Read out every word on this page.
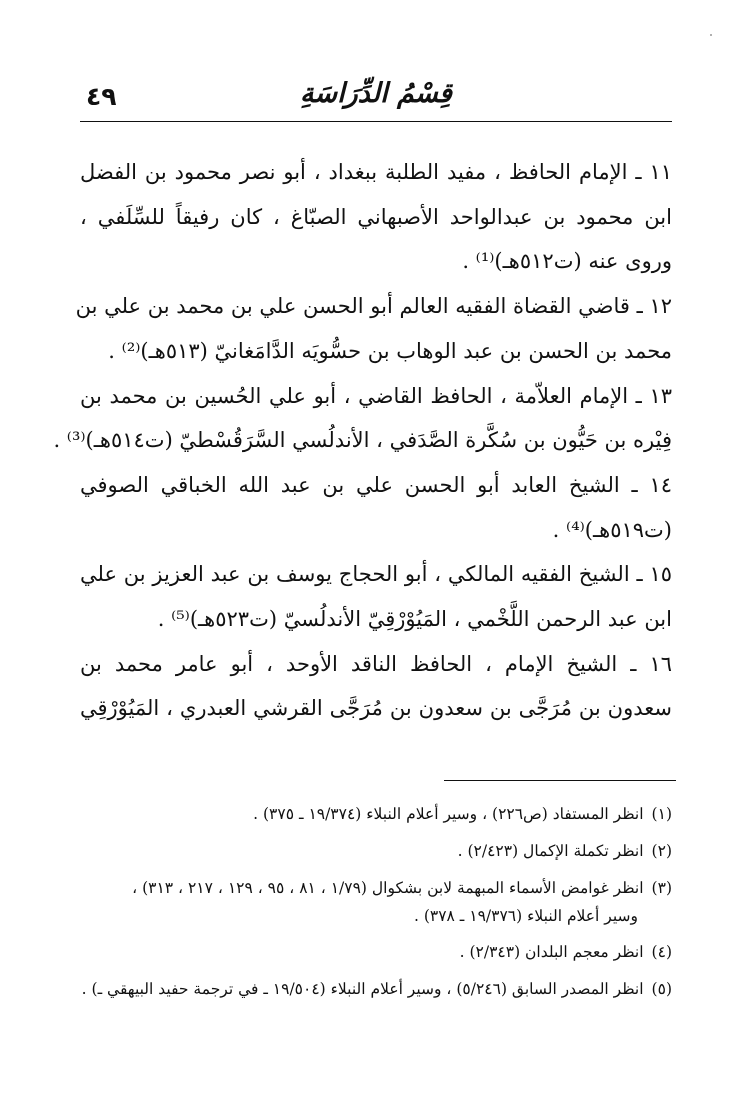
٤٩	قِسْمُ الدِّرَاسَةِ

١١ ـ الإمام الحافظ ، مفيد الطلبة ببغداد ، أبو نصر محمود بن الفضل
ابن محمود بن عبدالواحد الأصبهاني الصبّاغ ، كان رفيقاً للسِّلَفي ،
وروى عنه (ت٥١٢هـ)⁽¹⁾ .

١٢ ـ قاضي القضاة الفقيه العالم أبو الحسن علي بن محمد بن علي بن
محمد بن الحسن بن عبد الوهاب بن حسُّويَه الدَّامَغانيّ (٥١٣هـ)⁽²⁾ .

١٣ ـ الإمام العلاّمة ، الحافظ القاضي ، أبو علي الحُسين بن محمد بن
فِيْره بن حَيُّون بن سُكَّرة الصَّدَفي ، الأندلُسي السَّرَقُسْطيّ (ت٥١٤هـ)⁽³⁾ .

١٤ ـ الشيخ العابد أبو الحسن علي بن عبد الله الخباقي الصوفي
(ت٥١٩هـ)⁽⁴⁾ .

١٥ ـ الشيخ الفقيه المالكي ، أبو الحجاج يوسف بن عبد العزيز بن علي
ابن عبد الرحمن اللَّخْمي ، المَيُوْرْقِيّ الأندلُسيّ (ت٥٢٣هـ)⁽⁵⁾ .

١٦ ـ الشيخ الإمام ، الحافظ الناقد الأوحد ، أبو عامر محمد بن
سعدون بن مُرَجَّى بن سعدون بن مُرَجَّى القرشي العبدري ، المَيُوْرْقِي

(١)انظر المستفاد (ص٢٢٦) ، وسير أعلام النبلاء (١٩/٣٧٤ ـ ٣٧٥) .
(٢)انظر تكملة الإكمال (٢/٤٢٣) .
(٣)انظر غوامض الأسماء المبهمة لابن بشكوال (١/٧٩ ، ٨١ ، ٩٥ ، ١٢٩ ، ٢١٧ ، ٣١٣) ،
وسير أعلام النبلاء (١٩/٣٧٦ ـ ٣٧٨) .
(٤)انظر معجم البلدان (٢/٣٤٣) .
(٥)انظر المصدر السابق (٥/٢٤٦) ، وسير أعلام النبلاء (١٩/٥٠٤ ـ في ترجمة حفيد البيهقي ـ) .
